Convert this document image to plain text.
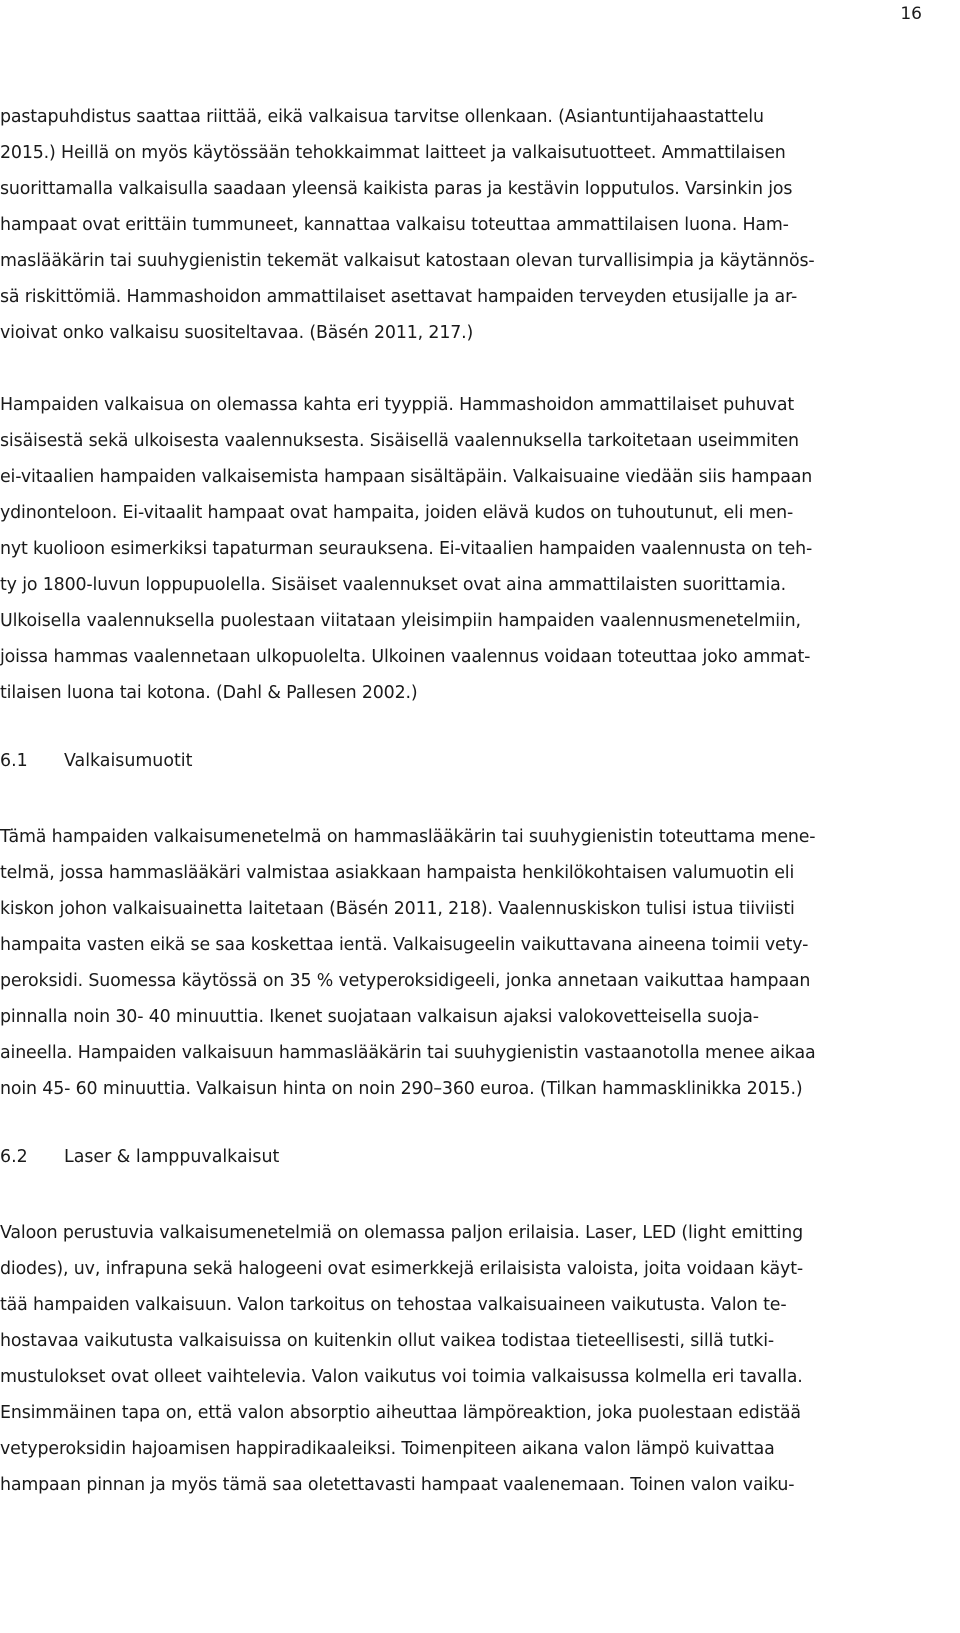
16
pastapuhdistus saattaa riittää, eikä valkaisua tarvitse ollenkaan. (Asiantuntijahaastattelu
2015.) Heillä on myös käytössään tehokkaimmat laitteet ja valkaisutuotteet. Ammattilaisen
suorittamalla valkaisulla saadaan yleensä kaikista paras ja kestävin lopputulos. Varsinkin jos
hampaat ovat erittäin tummuneet, kannattaa valkaisu toteuttaa ammattilaisen luona. Ham-
maslääkärin tai suuhygienistin tekemät valkaisut katostaan olevan turvallisimpia ja käytännös-
sä riskittömiä. Hammashoidon ammattilaiset asettavat hampaiden terveyden etusijalle ja ar-
vioivat onko valkaisu suositeltavaa. (Bäsén 2011, 217.)
Hampaiden valkaisua on olemassa kahta eri tyyppiä. Hammashoidon ammattilaiset puhuvat
sisäisestä sekä ulkoisesta vaalennuksesta. Sisäisellä vaalennuksella tarkoitetaan useimmiten
ei-vitaalien hampaiden valkaisemista hampaan sisältäpäin. Valkaisuaine viedään siis hampaan
ydinonteloon. Ei-vitaalit hampaat ovat hampaita, joiden elävä kudos on tuhoutunut, eli men-
nyt kuolioon esimerkiksi tapaturman seurauksena. Ei-vitaalien hampaiden vaalennusta on teh-
ty jo 1800-luvun loppupuolella. Sisäiset vaalennukset ovat aina ammattilaisten suorittamia.
Ulkoisella vaalennuksella puolestaan viitataan yleisimpiin hampaiden vaalennusmenetelmiin,
joissa hammas vaalennetaan ulkopuolelta. Ulkoinen vaalennus voidaan toteuttaa joko ammat-
tilaisen luona tai kotona. (Dahl & Pallesen 2002.)
6.1 Valkaisumuotit
Tämä hampaiden valkaisumenetelmä on hammaslääkärin tai suuhygienistin toteuttama mene-
telmä, jossa hammaslääkäri valmistaa asiakkaan hampaista henkilökohtaisen valumuotin eli
kiskon johon valkaisuainetta laitetaan (Bäsén 2011, 218). Vaalennuskiskon tulisi istua tiiviisti
hampaita vasten eikä se saa koskettaa ientä. Valkaisugeelin vaikuttavana aineena toimii vety-
peroksidi. Suomessa käytössä on 35 % vetyperoksidigeeli, jonka annetaan vaikuttaa hampaan
pinnalla noin 30- 40 minuuttia. Ikenet suojataan valkaisun ajaksi valokovetteisella suoja-
aineella. Hampaiden valkaisuun hammaslääkärin tai suuhygienistin vastaanotolla menee aikaa
noin 45- 60 minuuttia. Valkaisun hinta on noin 290–360 euroa. (Tilkan hammasklinikka 2015.)
6.2 Laser & lamppuvalkaisut
Valoon perustuvia valkaisumenetelmiä on olemassa paljon erilaisia. Laser, LED (light emitting
diodes), uv, infrapuna sekä halogeeni ovat esimerkkejä erilaisista valoista, joita voidaan käyt-
tää hampaiden valkaisuun. Valon tarkoitus on tehostaa valkaisuaineen vaikutusta. Valon te-
hostavaa vaikutusta valkaisuissa on kuitenkin ollut vaikea todistaa tieteellisesti, sillä tutki-
mustulokset ovat olleet vaihtelevia. Valon vaikutus voi toimia valkaisussa kolmella eri tavalla.
Ensimmäinen tapa on, että valon absorptio aiheuttaa lämpöreaktion, joka puolestaan edistää
vetyperoksidin hajoamisen happiradikaaleiksi. Toimenpiteen aikana valon lämpö kuivattaa
hampaan pinnan ja myös tämä saa oletettavasti hampaat vaalenemaan. Toinen valon vaiku-
